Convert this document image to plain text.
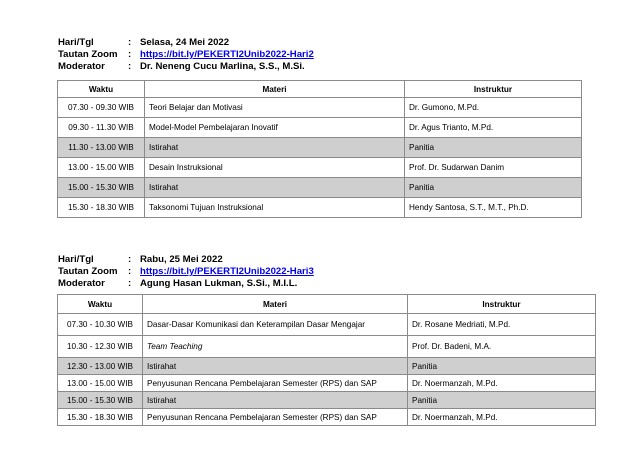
Hari/Tgl	: Selasa, 24 Mei 2022
Tautan Zoom : https://bit.ly/PEKERTI2Unib2022-Hari2
Moderator : Dr. Neneng Cucu Marlina, S.S., M.Si.
Waktu	Materi	Instruktur
07.30 - 09.30 WIB	Teori Belajar dan Motivasi	Dr. Gumono, M.Pd.
09.30 - 11.30 WIB	Model-Model Pembelajaran Inovatif	Dr. Agus Trianto, M.Pd.
11.30 - 13.00 WIB	Istirahat	Panitia
13.00 - 15.00 WIB	Desain Instruksional	Prof. Dr. Sudarwan Danim
15.00 - 15.30 WIB	Istirahat	Panitia
15.30 - 18.30 WIB	Taksonomi Tujuan Instruksional	Hendy Santosa, S.T., M.T., Ph.D.
Hari/Tgl	: Rabu, 25 Mei 2022
Tautan Zoom : https://bit.ly/PEKERTI2Unib2022-Hari3
Moderator : Agung Hasan Lukman, S.Si., M.I.L.
Waktu	Materi	Instruktur
07.30 - 10.30 WIB	Dasar-Dasar Komunikasi dan Keterampilan Dasar Mengajar	Dr. Rosane Medriati, M.Pd.
10.30 - 12.30 WIB	Team Teaching	Prof. Dr. Badeni, M.A.
12.30 - 13.00 WIB	Istirahat	Panitia
13.00 - 15.00 WIB	Penyusunan Rencana Pembelajaran Semester (RPS) dan SAP	Dr. Noermanzah, M.Pd.
15.00 - 15.30 WIB	Istirahat	Panitia
15.30 - 18.30 WIB	Penyusunan Rencana Pembelajaran Semester (RPS) dan SAP	Dr. Noermanzah, M.Pd.
